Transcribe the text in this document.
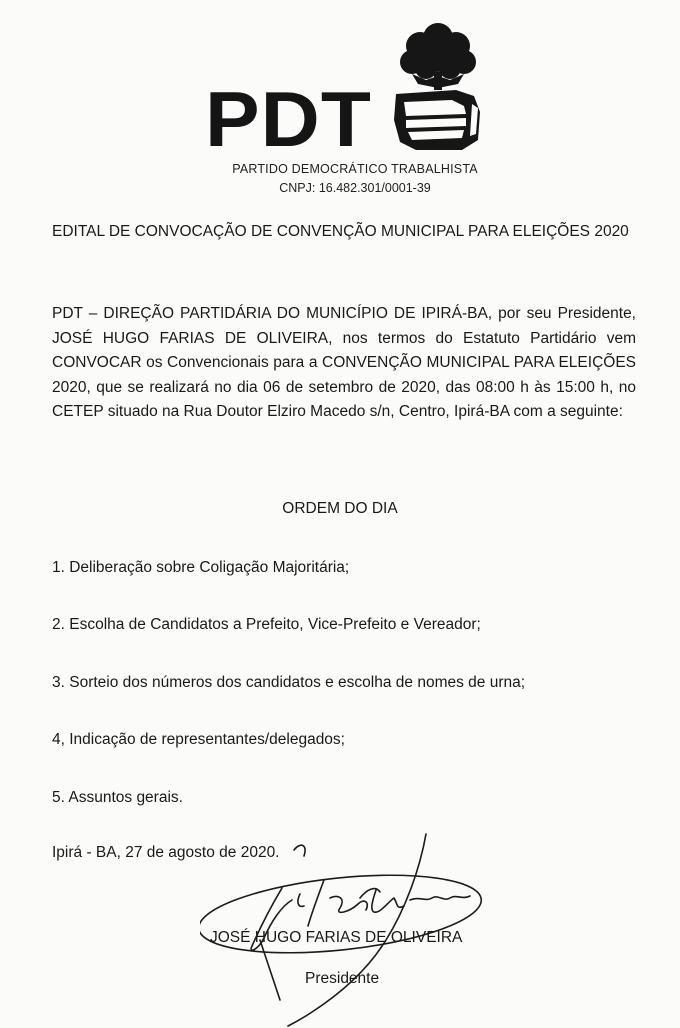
PDT
PARTIDO DEMOCRÁTICO TRABALHISTA
CNPJ: 16.482.301/0001-39
EDITAL DE CONVOCAÇÃO DE CONVENÇÃO MUNICIPAL PARA ELEIÇÕES 2020
PDT – DIREÇÃO PARTIDÁRIA DO MUNICÍPIO DE IPIRÁ-BA, por seu Presidente, JOSÉ HUGO FARIAS DE OLIVEIRA, nos termos do Estatuto Partidário vem CONVOCAR os Convencionais para a CONVENÇÃO MUNICIPAL PARA ELEIÇÕES 2020, que se realizará no dia 06 de setembro de 2020, das 08:00 h às 15:00 h, no CETEP situado na Rua Doutor Elziro Macedo s/n, Centro, Ipirá-BA com a seguinte:
ORDEM DO DIA
1. Deliberação sobre Coligação Majoritária;
2. Escolha de Candidatos a Prefeito, Vice-Prefeito e Vereador;
3. Sorteio dos números dos candidatos e escolha de nomes de urna;
4, Indicação de representantes/delegados;
5. Assuntos gerais.
Ipirá - BA, 27 de agosto de 2020.
JOSÉ HUGO FARIAS DE OLIVEIRA
Presidente
